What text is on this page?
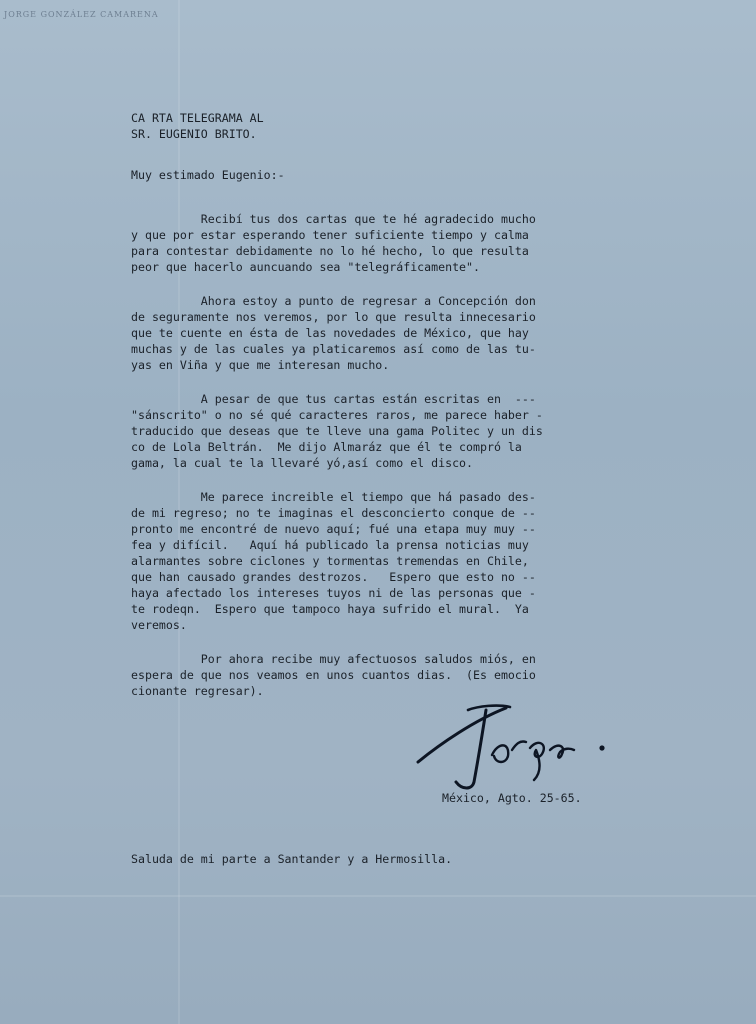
JORGE GONZÁLEZ CAMARENA
CA RTA TELEGRAMA AL
SR. EUGENIO BRITO.
Muy estimado Eugenio:-
Recibí tus dos cartas que te hé agradecido mucho
y que por estar esperando tener suficiente tiempo y calma
para contestar debidamente no lo hé hecho, lo que resulta
peor que hacerlo auncuando sea "telegráficamente".
Ahora estoy a punto de regresar a Concepción don
de seguramente nos veremos, por lo que resulta innecesario
que te cuente en ésta de las novedades de México, que hay
muchas y de las cuales ya platicaremos así como de las tu-
yas en Viña y que me interesan mucho.
A pesar de que tus cartas están escritas en  ---
"sánscrito" o no sé qué caracteres raros, me parece haber -
traducido que deseas que te lleve una gama Politec y un dis
co de Lola Beltrán.  Me dijo Almaráz que él te compró la
gama, la cual te la llevaré yó,así como el disco.
Me parece increible el tiempo que há pasado des-
de mi regreso; no te imaginas el desconcierto conque de --
pronto me encontré de nuevo aquí; fué una etapa muy muy --
fea y difícil.   Aquí há publicado la prensa noticias muy
alarmantes sobre ciclones y tormentas tremendas en Chile,
que han causado grandes destrozos.   Espero que esto no --
haya afectado los intereses tuyos ni de las personas que -
te rodeqn.  Espero que tampoco haya sufrido el mural.  Ya
veremos.
Por ahora recibe muy afectuosos saludos miós, en
espera de que nos veamos en unos cuantos dias.  (Es emocio
cionante regresar).
México, Agto. 25-65.
Saluda de mi parte a Santander y a Hermosilla.
